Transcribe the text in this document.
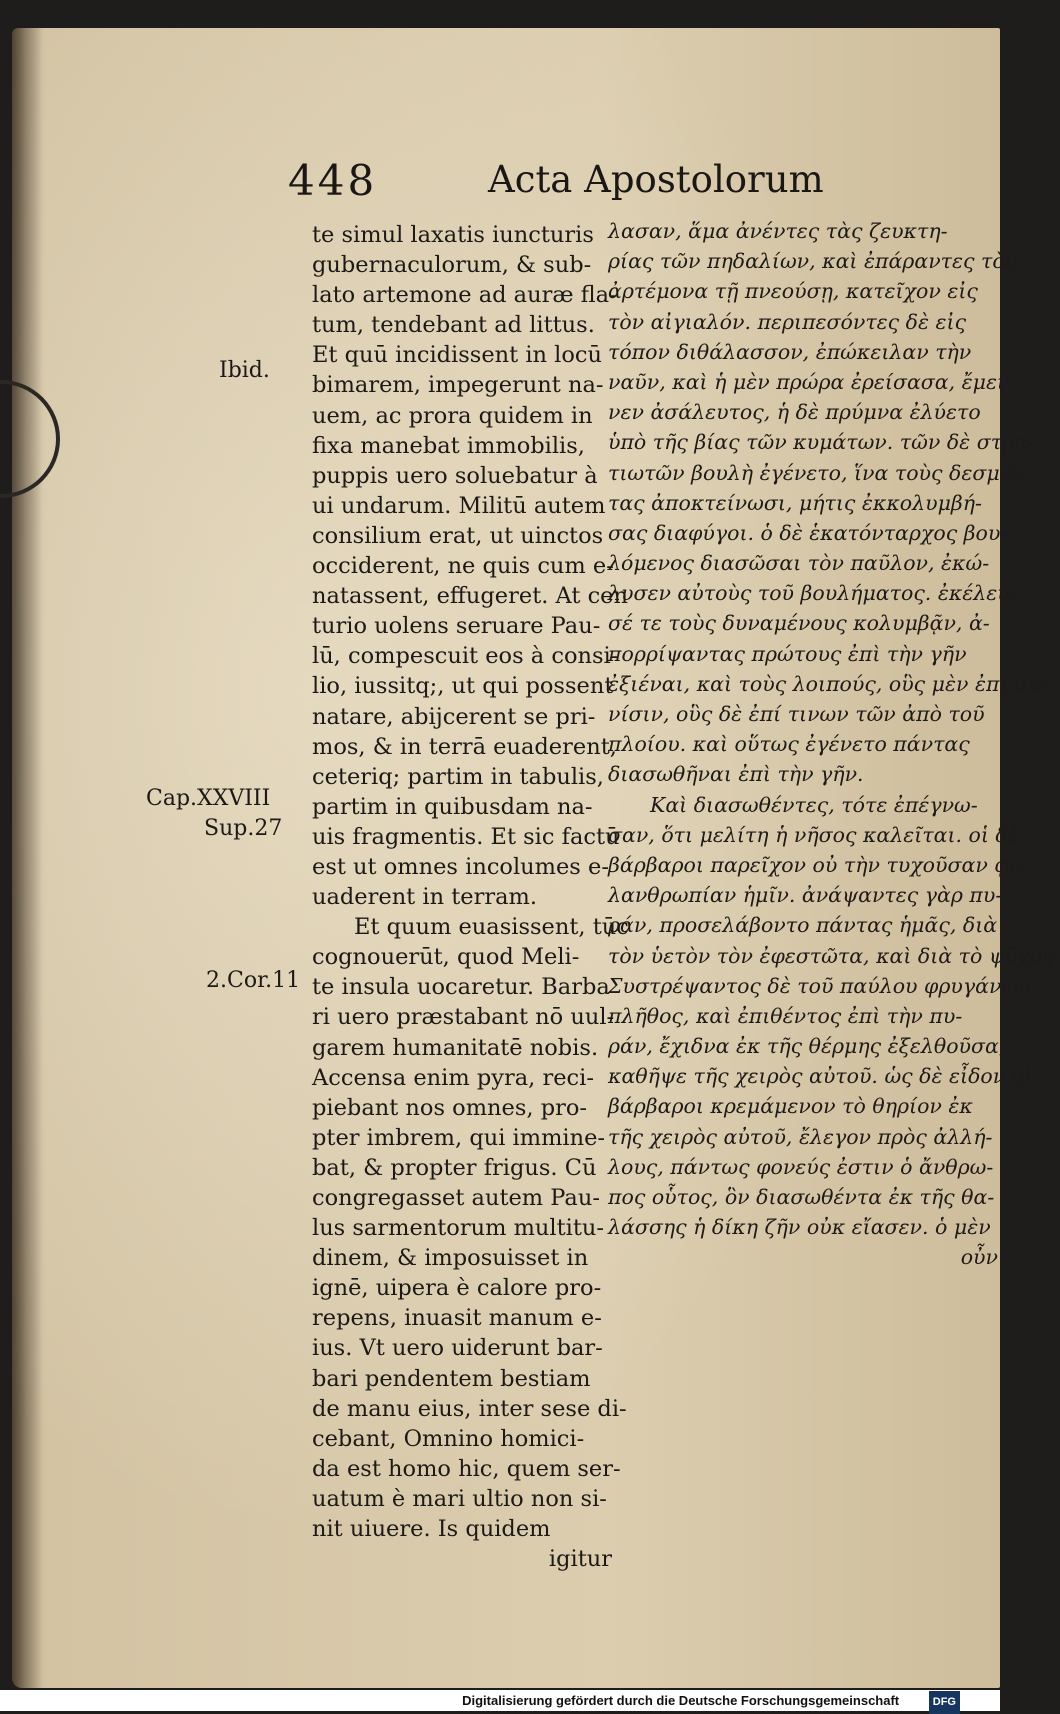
448	Acta Apostolorum
Ibid.
Cap.XXVIII
Sup.27
2.Cor.11
te simul laxatis iuncturis
gubernaculorum, & sub-
lato artemone ad auræ fla-
tum, tendebant ad littus.
Et quū incidissent in locū
bimarem, impegerunt na-
uem, ac prora quidem in
fixa manebat immobilis,
puppis uero soluebatur à
ui undarum. Militū autem
consilium erat, ut uinctos
occiderent, ne quis cum e-
natassent, effugeret. At cen
turio uolens seruare Pau-
lū, compescuit eos à consi-
lio, iussitq;, ut qui possent
natare, abijcerent se pri-
mos, & in terrā euaderent,
ceteriq; partim in tabulis,
partim in quibusdam na-
uis fragmentis. Et sic factū
est ut omnes incolumes e-
uaderent in terram.
Et quum euasissent, tūc
cognouerūt, quod Meli-
te insula uocaretur. Barba
ri uero præstabant nō uul-
garem humanitatē nobis.
Accensa enim pyra, reci-
piebant nos omnes, pro-
pter imbrem, qui immine-
bat, & propter frigus. Cū
congregasset autem Pau-
lus sarmentorum multitu-
dinem, & imposuisset in
ignē, uipera è calore pro-
repens, inuasit manum e-
ius. Vt uero uiderunt bar-
bari pendentem bestiam
de manu eius, inter sese di-
cebant, Omnino homici-
da est homo hic, quem ser-
uatum è mari ultio non si-
nit uiuere. Is quidem
igitur
λασαν, ἅμα ἀνέντες τὰς ζευκτη-
ρίας τῶν πηδαλίων, καὶ ἐπάραντες τὸν
ἀρτέμονα τῇ πνεούσῃ, κατεῖχον εἰς
τὸν αἰγιαλόν. περιπεσόντες δὲ εἰς
τόπον διθάλασσον, ἐπώκειλαν τὴν
ναῦν, καὶ ἡ μὲν πρώρα ἐρείσασα, ἔμει-
νεν ἀσάλευτος, ἡ δὲ πρύμνα ἐλύετο
ὑπὸ τῆς βίας τῶν κυμάτων. τῶν δὲ στρα-
τιωτῶν βουλὴ ἐγένετο, ἵνα τοὺς δεσμώ-
τας ἀποκτείνωσι, μήτις ἐκκολυμβή-
σας διαφύγοι. ὁ δὲ ἑκατόνταρχος βου-
λόμενος διασῶσαι τὸν παῦλον, ἐκώ-
λυσεν αὐτοὺς τοῦ βουλήματος. ἐκέλευ-
σέ τε τοὺς δυναμένους κολυμβᾷν, ἀ-
πορρίψαντας πρώτους ἐπὶ τὴν γῆν
ἐξιέναι, καὶ τοὺς λοιπούς, οὓς μὲν ἐπὶ σα-
νίσιν, οὓς δὲ ἐπί τινων τῶν ἀπὸ τοῦ
πλοίου. καὶ οὕτως ἐγένετο πάντας
διασωθῆναι ἐπὶ τὴν γῆν.
Καὶ διασωθέντες, τότε ἐπέγνω-
σαν, ὅτι μελίτη ἡ νῆσος καλεῖται. οἱ δὲ
βάρβαροι παρεῖχον οὐ τὴν τυχοῦσαν φι-
λανθρωπίαν ἡμῖν. ἀνάψαντες γὰρ πυ-
ράν, προσελάβοντο πάντας ἡμᾶς, διὰ
τὸν ὑετὸν τὸν ἐφεστῶτα, καὶ διὰ τὸ ψῦχος.
Συστρέψαντος δὲ τοῦ παύλου φρυγάνων
πλῆθος, καὶ ἐπιθέντος ἐπὶ τὴν πυ-
ράν, ἔχιδνα ἐκ τῆς θέρμης ἐξελθοῦσα,
καθῆψε τῆς χειρὸς αὐτοῦ. ὡς δὲ εἶδον οἱ
βάρβαροι κρεμάμενον τὸ θηρίον ἐκ
τῆς χειρὸς αὐτοῦ, ἔλεγον πρὸς ἀλλή-
λους, πάντως φονεύς ἐστιν ὁ ἄνθρω-
πος οὗτος, ὃν διασωθέντα ἐκ τῆς θα-
λάσσης ἡ δίκη ζῆν οὐκ εἴασεν. ὁ μὲν
οὖν
Digitalisierung gefördert durch die Deutsche Forschungsgemeinschaft	DFG
